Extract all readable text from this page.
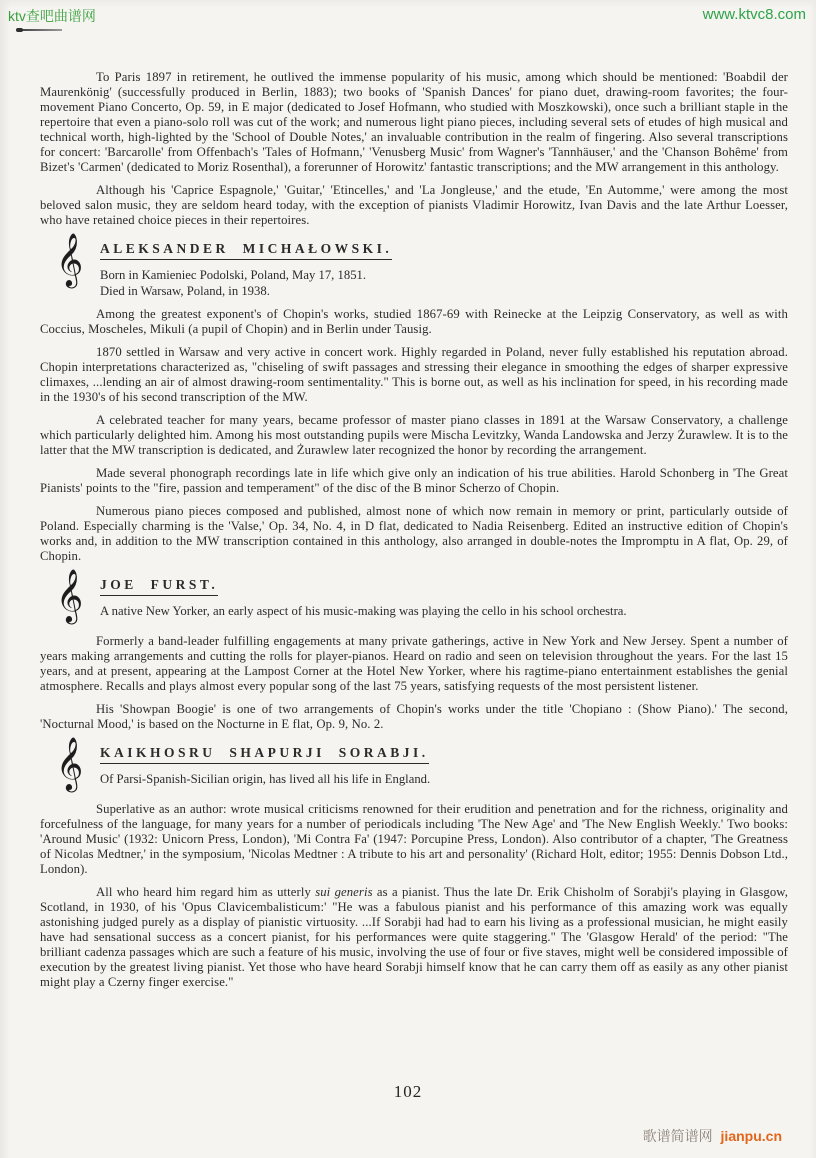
ktv查吧曲谱网	www.ktvc8.com

To Paris 1897 in retirement, he outlived the immense popularity of his music, among which should be mentioned: 'Boabdil der Maurenkönig' (successfully produced in Berlin, 1883); two books of 'Spanish Dances' for piano duet, drawing-room favorites; the four-movement Piano Concerto, Op. 59, in E major (dedicated to Josef Hofmann, who studied with Moszkowski), once such a brilliant staple in the repertoire that even a piano-solo roll was cut of the work; and numerous light piano pieces, including several sets of etudes of high musical and technical worth, high-lighted by the 'School of Double Notes,' an invaluable contribution in the realm of fingering. Also several transcriptions for concert: 'Barcarolle' from Offenbach's 'Tales of Hofmann,' 'Venusberg Music' from Wagner's 'Tannhäuser,' and the 'Chanson Bohême' from Bizet's 'Carmen' (dedicated to Moriz Rosenthal), a forerunner of Horowitz' fantastic transcriptions; and the MW arrangement in this anthology.

Although his 'Caprice Espagnole,' 'Guitar,' 'Etincelles,' and 'La Jongleuse,' and the etude, 'En Automme,' were among the most beloved salon music, they are seldom heard today, with the exception of pianists Vladimir Horowitz, Ivan Davis and the late Arthur Loesser, who have retained choice pieces in their repertoires.

𝄞 ALEKSANDER MICHAŁOWSKI.
Born in Kamieniec Podolski, Poland, May 17, 1851.
Died in Warsaw, Poland, in 1938.

Among the greatest exponent's of Chopin's works, studied 1867-69 with Reinecke at the Leipzig Conservatory, as well as with Coccius, Moscheles, Mikuli (a pupil of Chopin) and in Berlin under Tausig.

1870 settled in Warsaw and very active in concert work. Highly regarded in Poland, never fully established his reputation abroad. Chopin interpretations characterized as, "chiseling of swift passages and stressing their elegance in smoothing the edges of sharper expressive climaxes, ...lending an air of almost drawing-room sentimentality." This is borne out, as well as his inclination for speed, in his recording made in the 1930's of his second transcription of the MW.

A celebrated teacher for many years, became professor of master piano classes in 1891 at the Warsaw Conservatory, a challenge which particularly delighted him. Among his most outstanding pupils were Mischa Levitzky, Wanda Landowska and Jerzy Żurawlew. It is to the latter that the MW transcription is dedicated, and Żurawlew later recognized the honor by recording the arrangement.

Made several phonograph recordings late in life which give only an indication of his true abilities. Harold Schonberg in 'The Great Pianists' points to the "fire, passion and temperament" of the disc of the B minor Scherzo of Chopin.

Numerous piano pieces composed and published, almost none of which now remain in memory or print, particularly outside of Poland. Especially charming is the 'Valse,' Op. 34, No. 4, in D flat, dedicated to Nadia Reisenberg. Edited an instructive edition of Chopin's works and, in addition to the MW transcription contained in this anthology, also arranged in double-notes the Impromptu in A flat, Op. 29, of Chopin.

𝄞 JOE FURST.
A native New Yorker, an early aspect of his music-making was playing the cello in his school orchestra.

Formerly a band-leader fulfilling engagements at many private gatherings, active in New York and New Jersey. Spent a number of years making arrangements and cutting the rolls for player-pianos. Heard on radio and seen on television throughout the years. For the last 15 years, and at present, appearing at the Lampost Corner at the Hotel New Yorker, where his ragtime-piano entertainment establishes the genial atmosphere. Recalls and plays almost every popular song of the last 75 years, satisfying requests of the most persistent listener.

His 'Showpan Boogie' is one of two arrangements of Chopin's works under the title 'Chopiano : (Show Piano).' The second, 'Nocturnal Mood,' is based on the Nocturne in E flat, Op. 9, No. 2.

𝄞 KAIKHOSRU SHAPURJI SORABJI.
Of Parsi-Spanish-Sicilian origin, has lived all his life in England.

Superlative as an author: wrote musical criticisms renowned for their erudition and penetration and for the richness, originality and forcefulness of the language, for many years for a number of periodicals including 'The New Age' and 'The New English Weekly.' Two books: 'Around Music' (1932: Unicorn Press, London), 'Mi Contra Fa' (1947: Porcupine Press, London). Also contributor of a chapter, 'The Greatness of Nicolas Medtner,' in the symposium, 'Nicolas Medtner : A tribute to his art and personality' (Richard Holt, editor; 1955: Dennis Dobson Ltd., London).

All who heard him regard him as utterly sui generis as a pianist. Thus the late Dr. Erik Chisholm of Sorabji's playing in Glasgow, Scotland, in 1930, of his 'Opus Clavicembalisticum:' "He was a fabulous pianist and his performance of this amazing work was equally astonishing judged purely as a display of pianistic virtuosity. ...If Sorabji had had to earn his living as a professional musician, he might easily have had sensational success as a concert pianist, for his performances were quite staggering." The 'Glasgow Herald' of the period: "The brilliant cadenza passages which are such a feature of his music, involving the use of four or five staves, might well be considered impossible of execution by the greatest living pianist. Yet those who have heard Sorabji himself know that he can carry them off as easily as any other pianist might play a Czerny finger exercise."

102
歌谱简谱网 jianpu.cn
